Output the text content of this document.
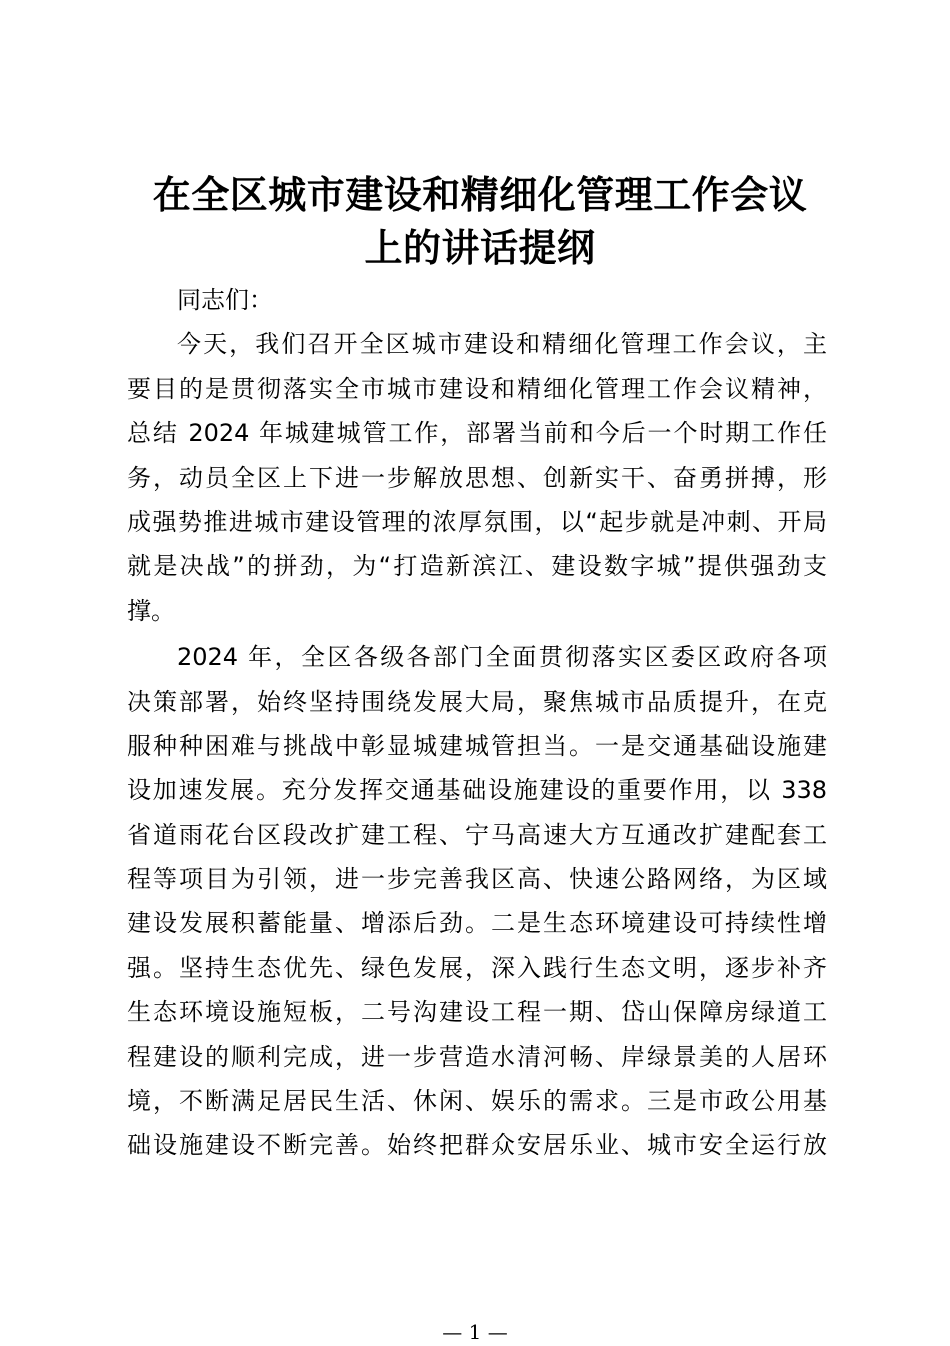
在全区城市建设和精细化管理工作会议
上的讲话提纲
同志们：
今天，我们召开全区城市建设和精细化管理工作会议，主
要目的是贯彻落实全市城市建设和精细化管理工作会议精神，
总结 2024 年城建城管工作，部署当前和今后一个时期工作任
务，动员全区上下进一步解放思想、创新实干、奋勇拼搏，形
成强势推进城市建设管理的浓厚氛围，以“起步就是冲刺、开局
就是决战”的拼劲，为“打造新滨江、建设数字城”提供强劲支
撑。
2024 年，全区各级各部门全面贯彻落实区委区政府各项
决策部署，始终坚持围绕发展大局，聚焦城市品质提升，在克
服种种困难与挑战中彰显城建城管担当。一是交通基础设施建
设加速发展。充分发挥交通基础设施建设的重要作用，以 338
省道雨花台区段改扩建工程、宁马高速大方互通改扩建配套工
程等项目为引领，进一步完善我区高、快速公路网络，为区域
建设发展积蓄能量、增添后劲。二是生态环境建设可持续性增
强。坚持生态优先、绿色发展，深入践行生态文明，逐步补齐
生态环境设施短板，二号沟建设工程一期、岱山保障房绿道工
程建设的顺利完成，进一步营造水清河畅、岸绿景美的人居环
境，不断满足居民生活、休闲、娱乐的需求。三是市政公用基
础设施建设不断完善。始终把群众安居乐业、城市安全运行放
— 1 —
